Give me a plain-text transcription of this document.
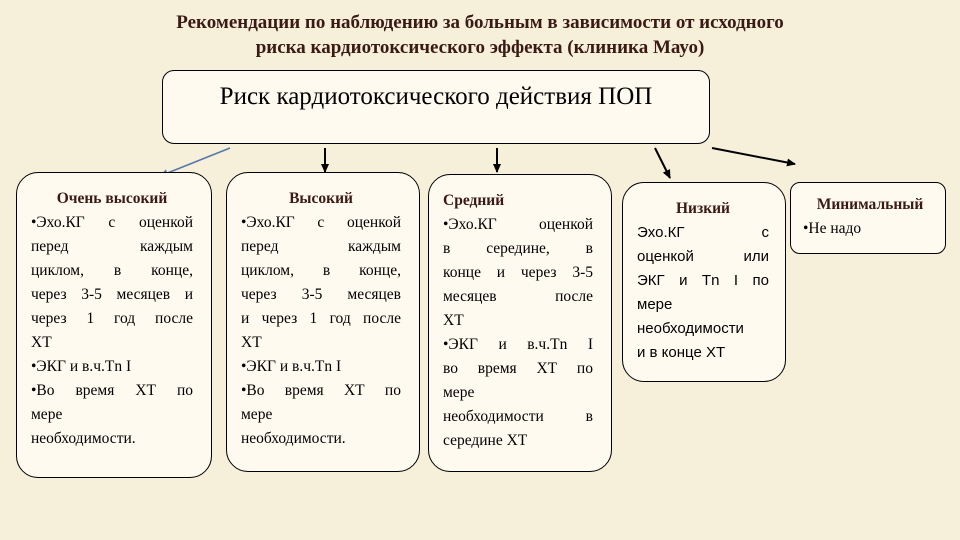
Рекомендации по наблюдению за больным в зависимости от исходного
риска кардиотоксического эффекта (клиника Мауо)
Риск кардиотоксического действия ПОП
Очень высокий
•Эхо.КГ с оценкой
перед	каждым
циклом, в конце,
через 3-5 месяцев и
через 1 год после
ХТ
•ЭКГ и в.ч.Tn I
•Во время ХТ по
мере
необходимости.
Высокий
•Эхо.КГ с оценкой
перед	каждым
циклом, в конце,
через 3-5 месяцев
и через 1 год после
ХТ
•ЭКГ и в.ч.Tn I
•Во время ХТ по
мере
необходимости.
Средний
•Эхо.КГ	оценкой
в середине, в
конце и через 3-5
месяцев	после
ХТ
•ЭКГ и в.ч.Tn I
во время ХТ по
мере
необходимости	в
середине ХТ
Низкий
Эхо.КГ	с
оценкой	или
ЭКГ и Tn I по
мере
необходимости
и в конце ХТ
Минимальный
•Не надо
